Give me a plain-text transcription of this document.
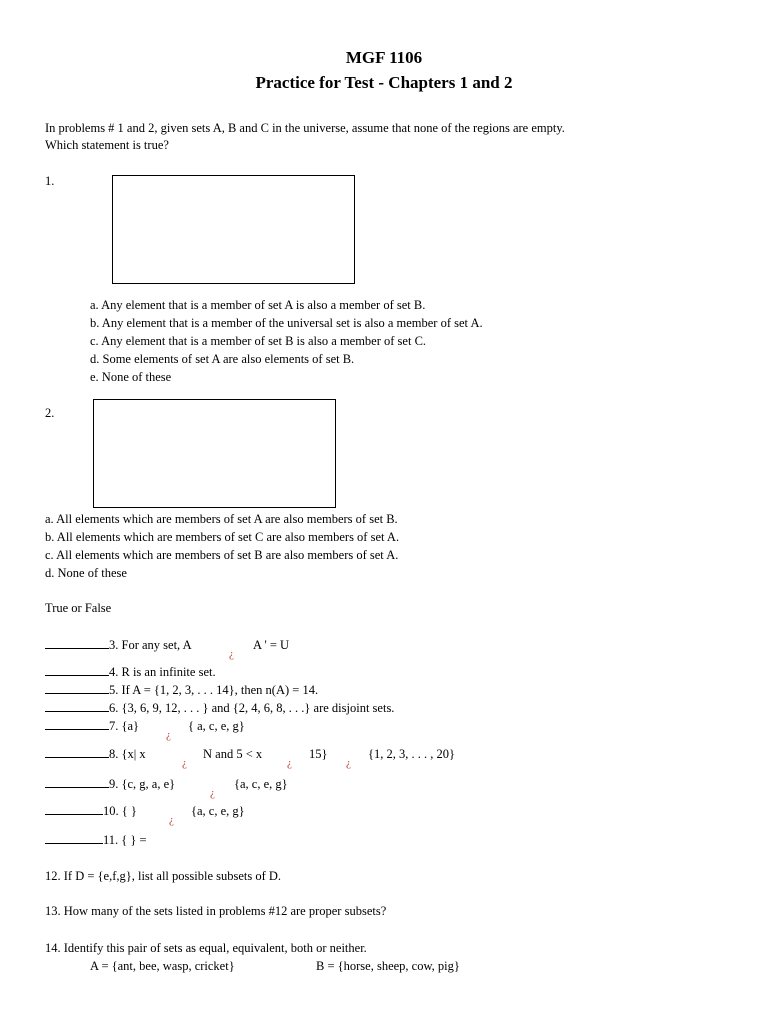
MGF 1106
Practice for Test - Chapters 1 and 2
In problems # 1 and 2, given sets A, B and C in the universe, assume that none of the regions are empty.
Which statement is true?
1.
a. Any element that is a member of set A is also a member of set B.
b. Any element that is a member of the universal set is also a member of set A.
c. Any element that is a member of set B is also a member of set C.
d. Some elements of set A are also elements of set B.
e. None of these
2.
a. All elements which are members of set A are also members of set B.
b. All elements which are members of set C are also members of set A.
c. All elements which are members of set B are also members of set A.
d. None of these
True or False
3. For any set, A
¿
A ' = U
4. R is an infinite set.
5. If A = {1, 2, 3, . . . 14}, then n(A) = 14.
6. {3, 6, 9, 12, . . . } and {2, 4, 6, 8, . . .} are disjoint sets.
7. {a}
¿
{ a, c, e, g}
8. {x| x
¿
N and 5 < x
¿
15}
¿
{1, 2, 3, . . . , 20}
9. {c, g, a, e}
¿
{a, c, e, g}
10. { }
¿
{a, c, e, g}
11. { } =
12. If D = {e,f,g}, list all possible subsets of D.
13. How many of the sets listed in problems #12 are proper subsets?
14. Identify this pair of sets as equal, equivalent, both or neither.
A = {ant, bee, wasp, cricket}	B = {horse, sheep, cow, pig}
